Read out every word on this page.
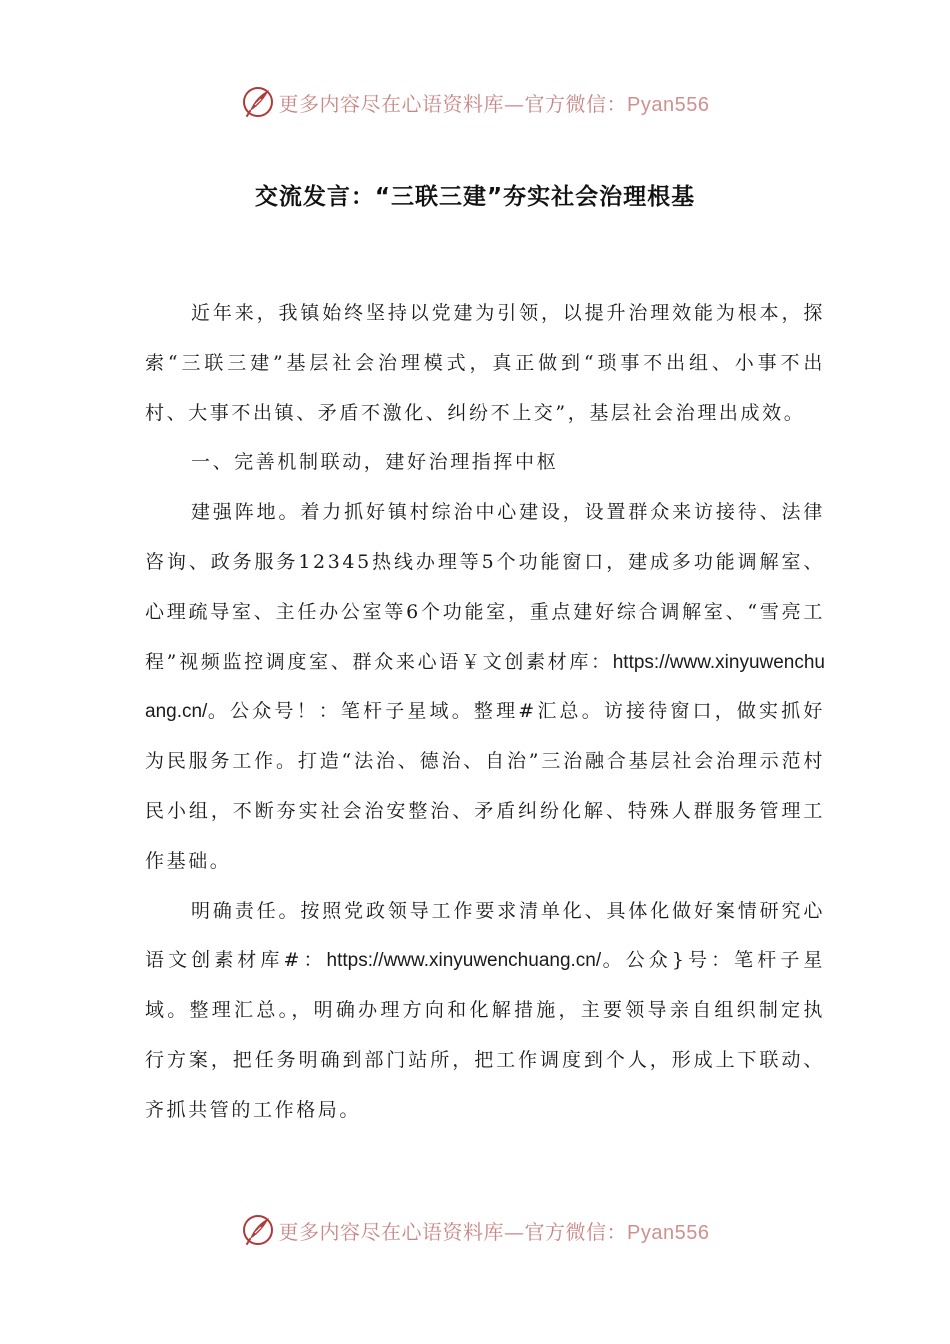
更多内容尽在心语资料库—官方微信：Pyan556
交流发言：“三联三建”夯实社会治理根基

近年来，我镇始终坚持以党建为引领，以提升治理效能为根本，探索“三联三建”基层社会治理模式，真正做到“琐事不出组、小事不出村、大事不出镇、矛盾不激化、纠纷不上交”，基层社会治理出成效。

一、完善机制联动，建好治理指挥中枢

建强阵地。着力抓好镇村综治中心建设，设置群众来访接待、法律咨询、政务服务12345热线办理等5个功能窗口，建成多功能调解室、心理疏导室、主任办公室等6个功能室，重点建好综合调解室、“雪亮工程”视频监控调度室、群众来心语￥文创素材库：https://www.xinyuwenchuang.cn/。公众号！：笔杆子星域。整理#汇总。访接待窗口，做实抓好为民服务工作。打造“法治、德治、自治”三治融合基层社会治理示范村民小组，不断夯实社会治安整治、矛盾纠纷化解、特殊人群服务管理工作基础。

明确责任。按照党政领导工作要求清单化、具体化做好案情研究心语文创素材库#：https://www.xinyuwenchuang.cn/。公众}号：笔杆子星域。整理汇总。，明确办理方向和化解措施，主要领导亲自组织制定执行方案，把任务明确到部门站所，把工作调度到个人，形成上下联动、齐抓共管的工作格局。

更多内容尽在心语资料库—官方微信：Pyan556
